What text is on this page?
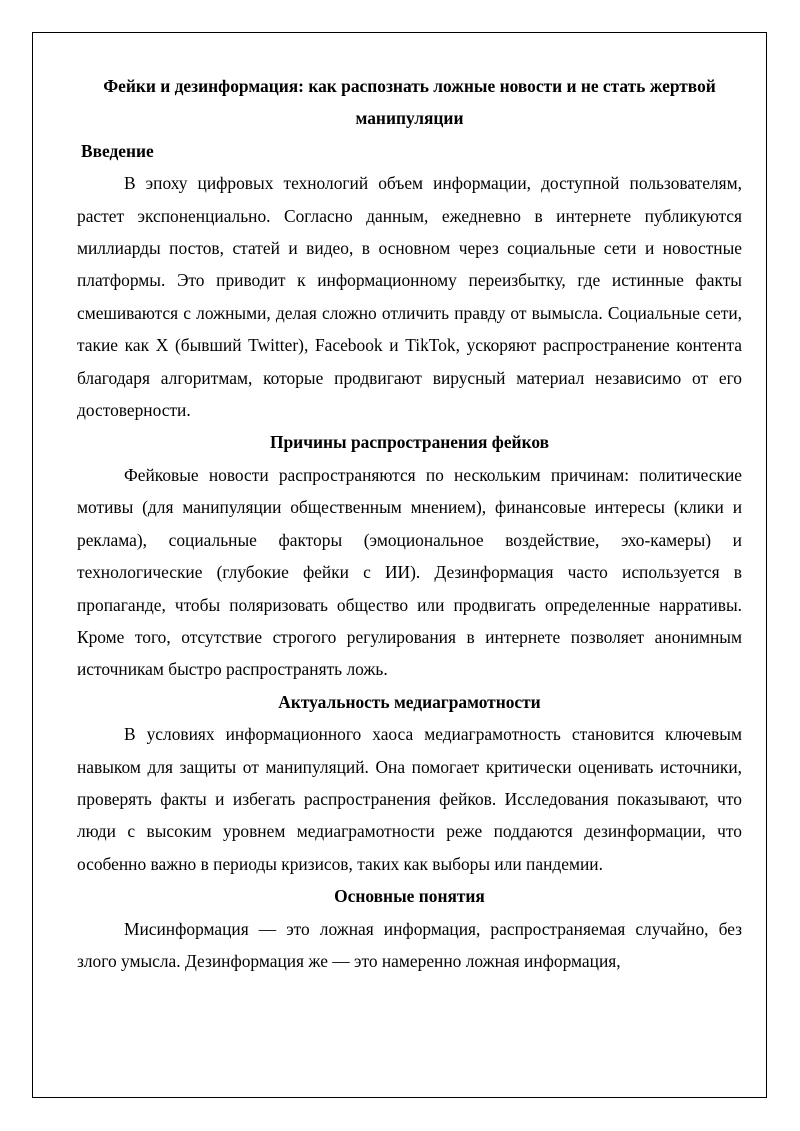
Фейки и дезинформация: как распознать ложные новости и не стать жертвой манипуляции

Введение

В эпоху цифровых технологий объем информации, доступной пользователям, растет экспоненциально. Согласно данным, ежедневно в интернете публикуются миллиарды постов, статей и видео, в основном через социальные сети и новостные платформы. Это приводит к информационному переизбытку, где истинные факты смешиваются с ложными, делая сложно отличить правду от вымысла. Социальные сети, такие как X (бывший Twitter), Facebook и TikTok, ускоряют распространение контента благодаря алгоритмам, которые продвигают вирусный материал независимо от его достоверности.

Причины распространения фейков

Фейковые новости распространяются по нескольким причинам: политические мотивы (для манипуляции общественным мнением), финансовые интересы (клики и реклама), социальные факторы (эмоциональное воздействие, эхо-камеры) и технологические (глубокие фейки с ИИ). Дезинформация часто используется в пропаганде, чтобы поляризовать общество или продвигать определенные нарративы. Кроме того, отсутствие строгого регулирования в интернете позволяет анонимным источникам быстро распространять ложь.

Актуальность медиаграмотности

В условиях информационного хаоса медиаграмотность становится ключевым навыком для защиты от манипуляций. Она помогает критически оценивать источники, проверять факты и избегать распространения фейков. Исследования показывают, что люди с высоким уровнем медиаграмотности реже поддаются дезинформации, что особенно важно в периоды кризисов, таких как выборы или пандемии.

Основные понятия

Мисинформация — это ложная информация, распространяемая случайно, без злого умысла. Дезинформация же — это намеренно ложная информация,
